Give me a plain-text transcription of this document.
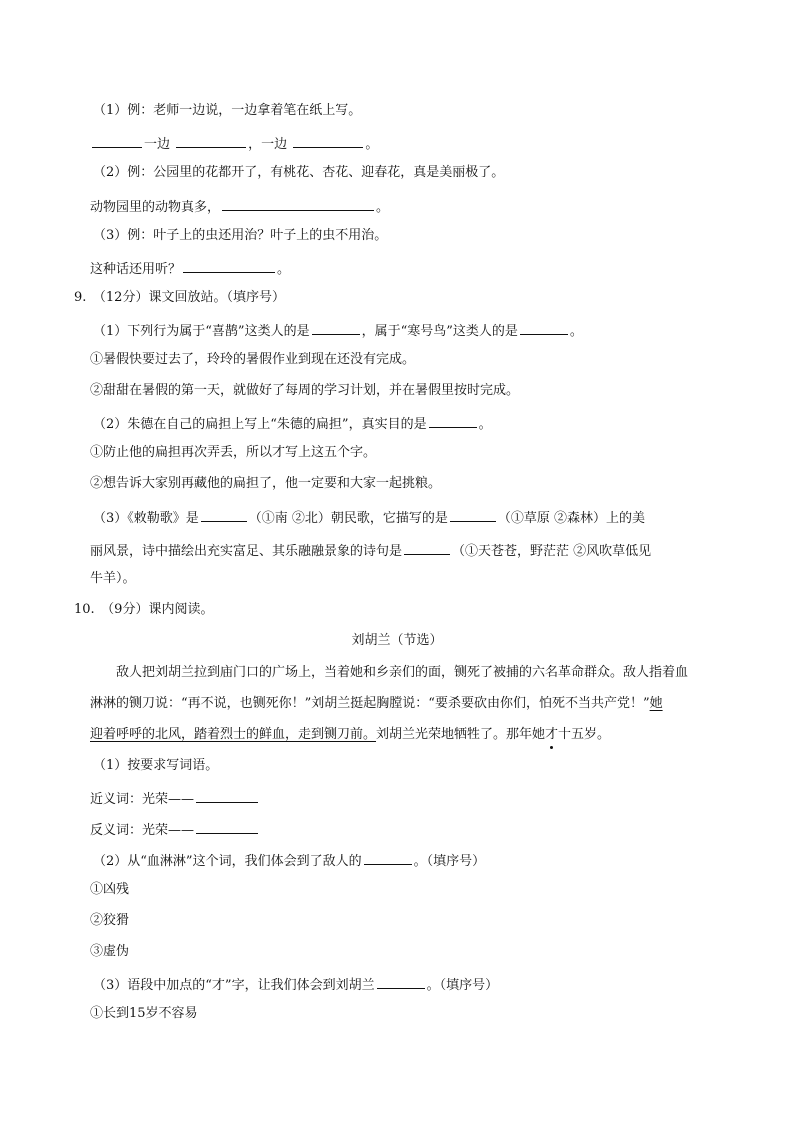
（1）例：老师一边说，一边拿着笔在纸上写。
一边	，一边	。
（2）例：公园里的花都开了，有桃花、杏花、迎春花，真是美丽极了。
动物园里的动物真多，	。
（3）例：叶子上的虫还用治？叶子上的虫不用治。
这种话还用听？	。
9.　（12分）课文回放站。（填序号）
（1）下列行为属于“喜鹊”这类人的是	，属于“寒号鸟”这类人的是	。
①暑假快要过去了，玲玲的暑假作业到现在还没有完成。
②甜甜在暑假的第一天，就做好了每周的学习计划，并在暑假里按时完成。
（2）朱德在自己的扁担上写上“朱德的扁担”，真实目的是	。
①防止他的扁担再次弄丢，所以才写上这五个字。
②想告诉大家别再藏他的扁担了，他一定要和大家一起挑粮。
（3）《敕勒歌》是	（①南 ②北）朝民歌，它描写的是	（①草原 ②森林）上的美
丽风景，诗中描绘出充实富足、其乐融融景象的诗句是	（①天苍苍，野茫茫 ②风吹草低见
牛羊）。
10.　（9分）课内阅读。
刘胡兰（节选）
敌人把刘胡兰拉到庙门口的广场上，当着她和乡亲们的面，铡死了被捕的六名革命群众。敌人指着血
淋淋的铡刀说：“再不说，也铡死你！”刘胡兰挺起胸膛说：“要杀要砍由你们，怕死不当共产党！”她
迎着呼呼的北风，踏着烈士的鲜血，走到铡刀前。刘胡兰光荣地牺牲了。那年她才十五岁。
（1）按要求写词语。
近义词：光荣——
反义词：光荣——
（2）从“血淋淋”这个词，我们体会到了敌人的	。（填序号）
①凶残
②狡猾
③虚伪
（3）语段中加点的“才”字，让我们体会到刘胡兰	。（填序号）
①长到15岁不容易
